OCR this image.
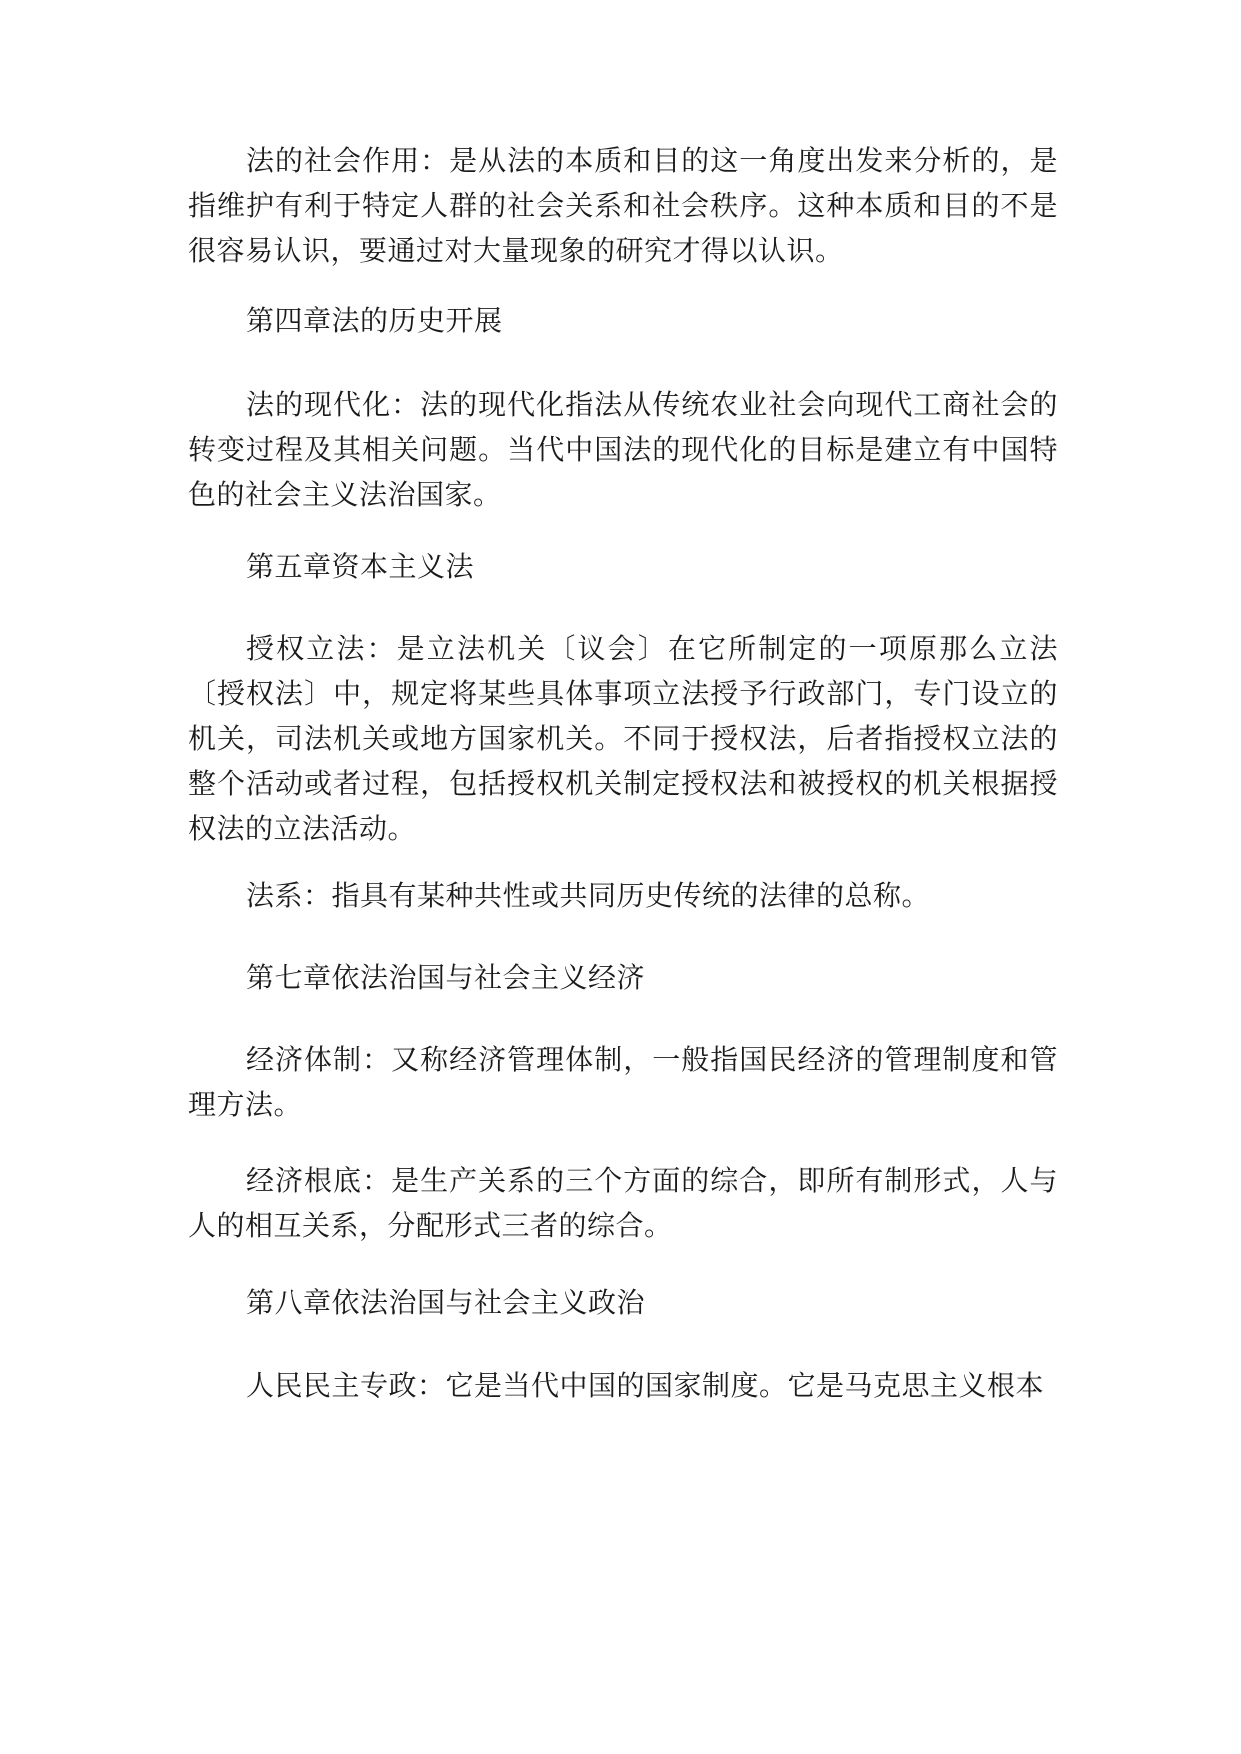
法的社会作用：是从法的本质和目的这一角度出发来分析的，是指维护有利于特定人群的社会关系和社会秩序。这种本质和目的不是很容易认识，要通过对大量现象的研究才得以认识。

第四章法的历史开展

法的现代化：法的现代化指法从传统农业社会向现代工商社会的转变过程及其相关问题。当代中国法的现代化的目标是建立有中国特色的社会主义法治国家。

第五章资本主义法

授权立法：是立法机关〔议会〕在它所制定的一项原那么立法〔授权法〕中，规定将某些具体事项立法授予行政部门，专门设立的机关，司法机关或地方国家机关。不同于授权法，后者指授权立法的整个活动或者过程，包括授权机关制定授权法和被授权的机关根据授权法的立法活动。

法系：指具有某种共性或共同历史传统的法律的总称。

第七章依法治国与社会主义经济

经济体制：又称经济管理体制，一般指国民经济的管理制度和管理方法。

经济根底：是生产关系的三个方面的综合，即所有制形式，人与人的相互关系，分配形式三者的综合。

第八章依法治国与社会主义政治

人民民主专政：它是当代中国的国家制度。它是马克思主义根本
